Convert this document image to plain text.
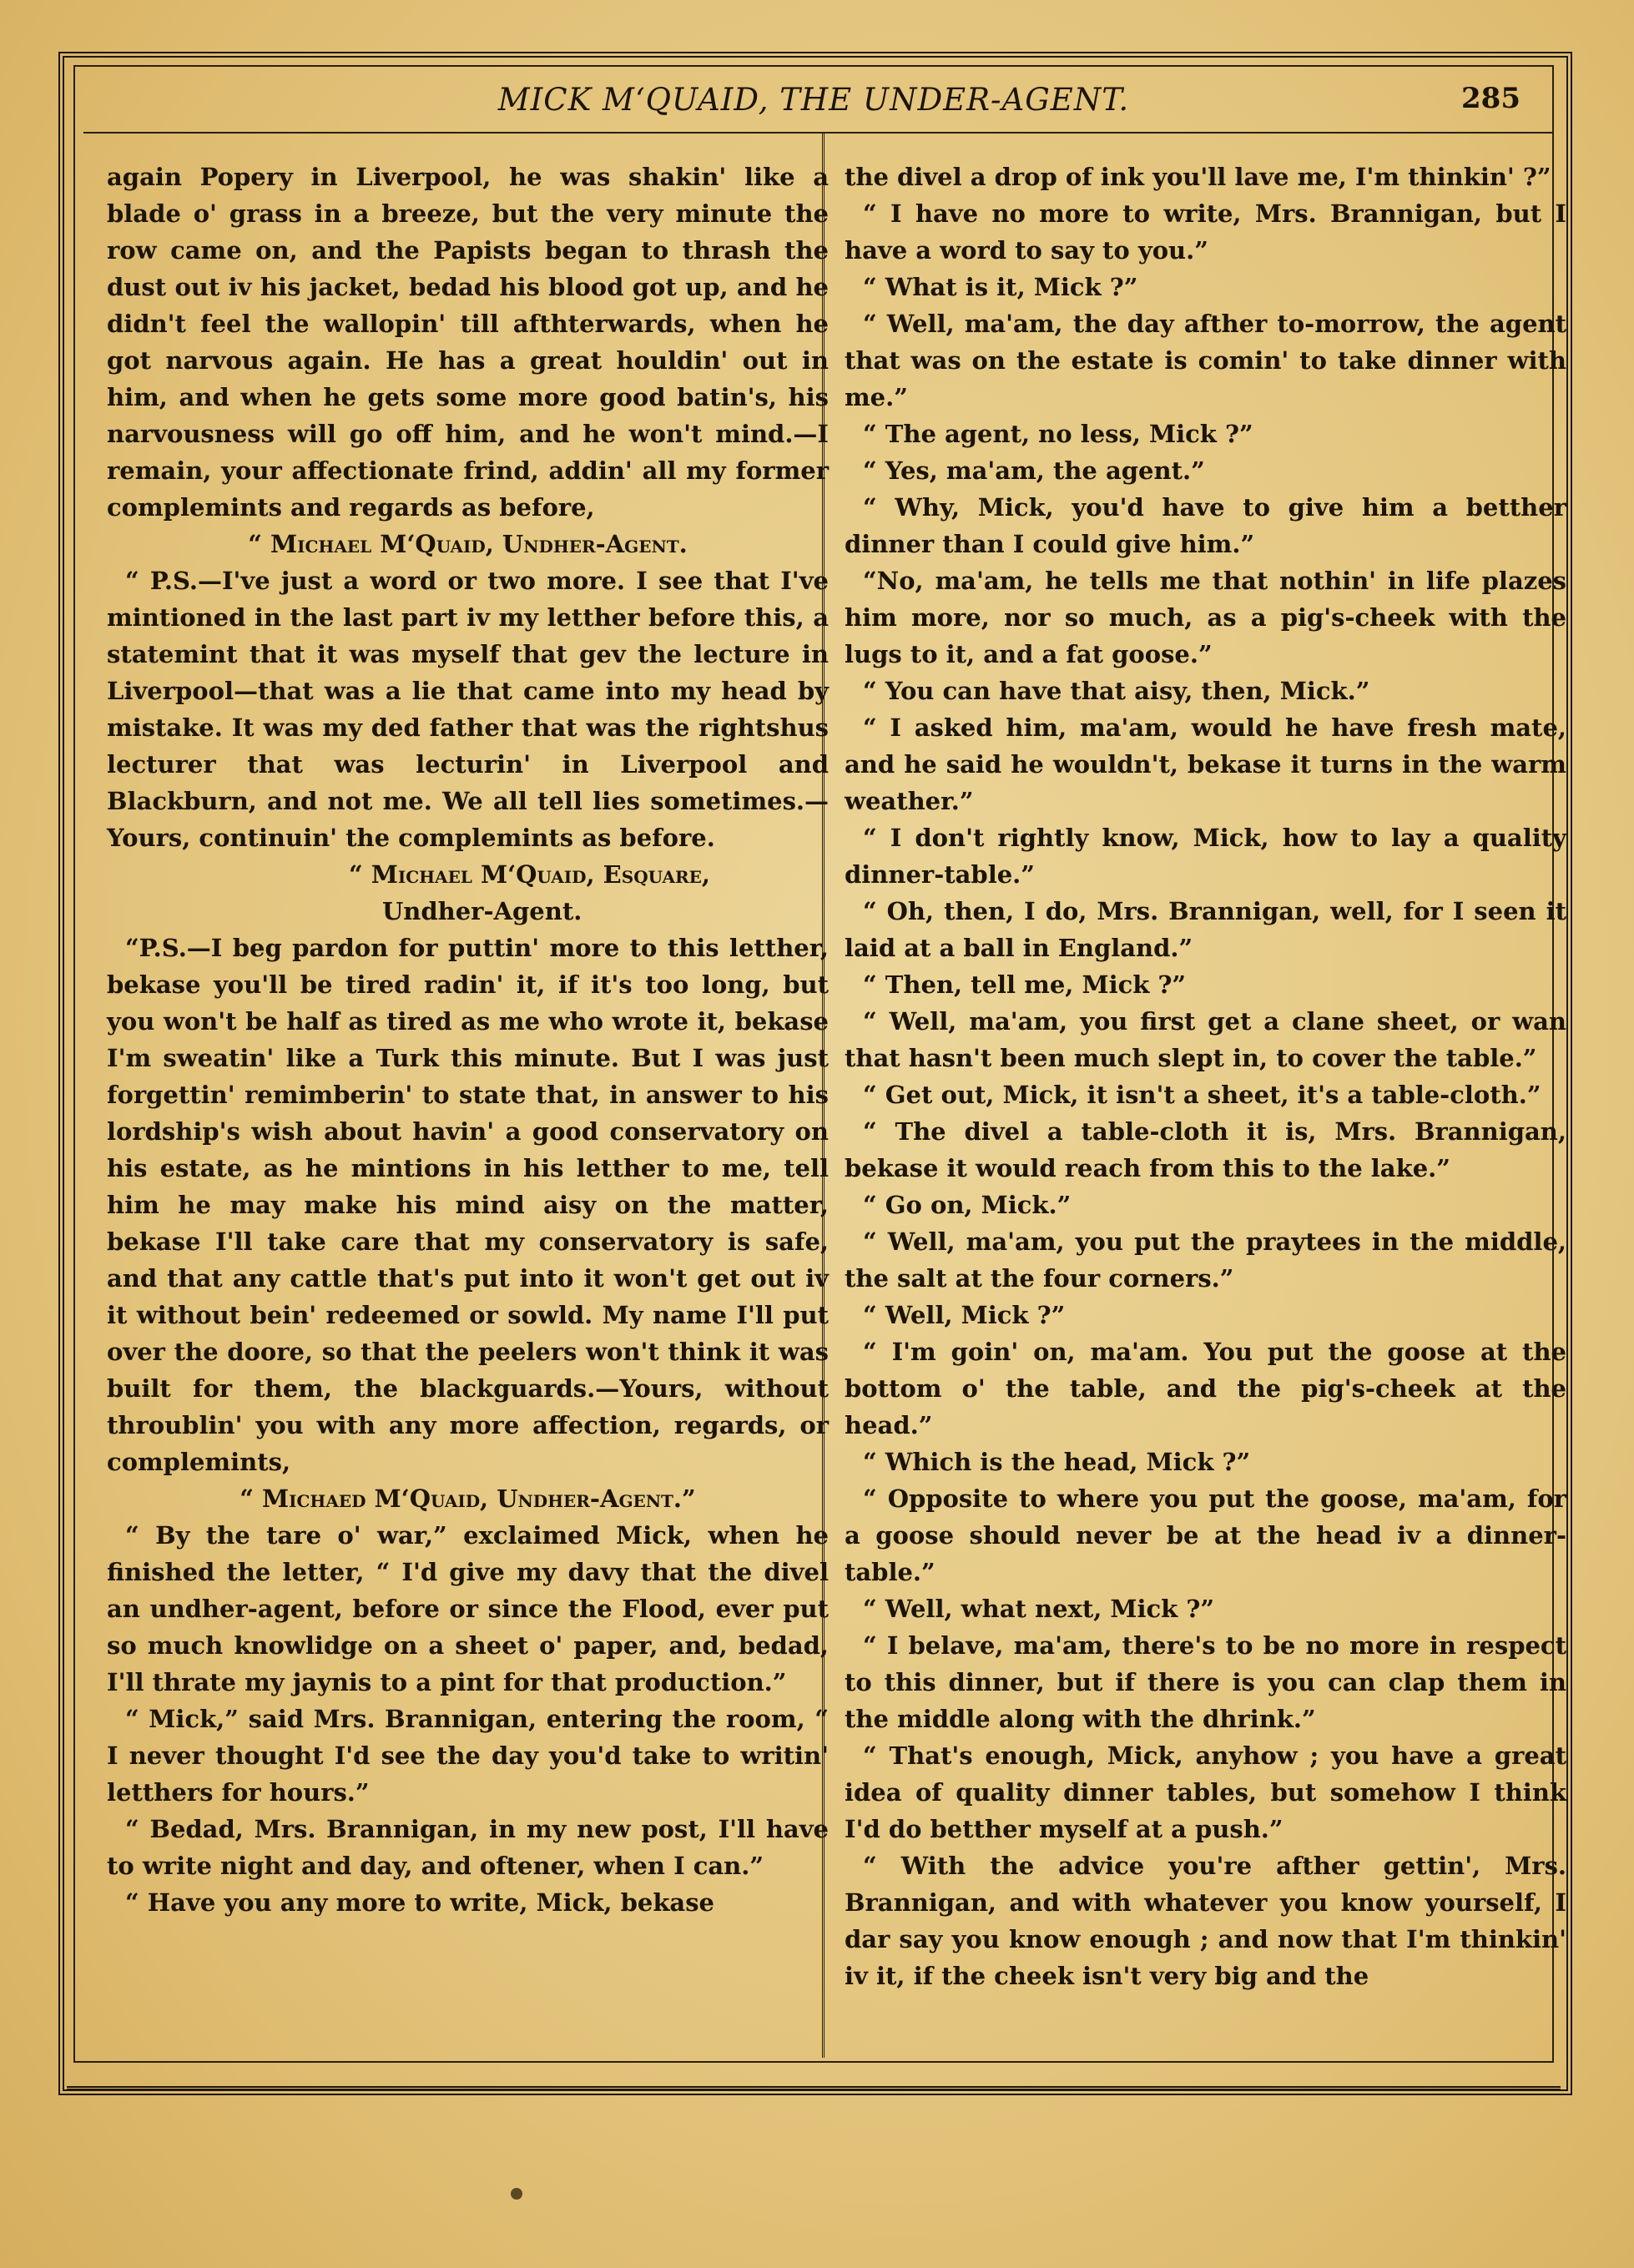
MICK M‘QUAID, THE UNDER-AGENT.	285

again Popery in Liverpool, he was shakin' like a blade o' grass in a breeze, but the very minute the row came on, and the Papists began to thrash the dust out iv his jacket, bedad his blood got up, and he didn't feel the wallopin' till afthterwards, when he got narvous again. He has a great houldin' out in him, and when he gets some more good batin's, his narvousness will go off him, and he won't mind.—I remain, your affectionate frind, addin' all my former complemints and regards as before,

“ Michael M‘Quaid, Undher-Agent.

“ P.S.—I've just a word or two more. I see that I've mintioned in the last part iv my letther before this, a statemint that it was myself that gev the lecture in Liverpool—that was a lie that came into my head by mistake. It was my ded father that was the rightshus lecturer that was lecturin' in Liverpool and Blackburn, and not me. We all tell lies sometimes.—Yours, continuin' the complemints as before.

“ Michael M‘Quaid, Esquare,

Undher-Agent.

“P.S.—I beg pardon for puttin' more to this letther, bekase you'll be tired radin' it, if it's too long, but you won't be half as tired as me who wrote it, bekase I'm sweatin' like a Turk this minute. But I was just forgettin' remimberin' to state that, in answer to his lordship's wish about havin' a good conservatory on his estate, as he mintions in his letther to me, tell him he may make his mind aisy on the matter, bekase I'll take care that my conservatory is safe, and that any cattle that's put into it won't get out iv it without bein' redeemed or sowld. My name I'll put over the doore, so that the peelers won't think it was built for them, the blackguards.—Yours, without throublin' you with any more affection, regards, or complemints,

“ Michaed M‘Quaid, Undher-Agent.”

“ By the tare o' war,” exclaimed Mick, when he finished the letter, “ I'd give my davy that the divel an undher-agent, before or since the Flood, ever put so much knowlidge on a sheet o' paper, and, bedad, I'll thrate my jaynis to a pint for that production.”

“ Mick,” said Mrs. Brannigan, entering the room, “ I never thought I'd see the day you'd take to writin' letthers for hours.”

“ Bedad, Mrs. Brannigan, in my new post, I'll have to write night and day, and oftener, when I can.”

“ Have you any more to write, Mick, bekase

the divel a drop of ink you'll lave me, I'm thinkin' ?”

“ I have no more to write, Mrs. Brannigan, but I have a word to say to you.”

“ What is it, Mick ?”

“ Well, ma'am, the day afther to-morrow, the agent that was on the estate is comin' to take dinner with me.”

“ The agent, no less, Mick ?”

“ Yes, ma'am, the agent.”

“ Why, Mick, you'd have to give him a betther dinner than I could give him.”

“No, ma'am, he tells me that nothin' in life plazes him more, nor so much, as a pig's-cheek with the lugs to it, and a fat goose.”

“ You can have that aisy, then, Mick.”

“ I asked him, ma'am, would he have fresh mate, and he said he wouldn't, bekase it turns in the warm weather.”

“ I don't rightly know, Mick, how to lay a quality dinner-table.”

“ Oh, then, I do, Mrs. Brannigan, well, for I seen it laid at a ball in England.”

“ Then, tell me, Mick ?”

“ Well, ma'am, you first get a clane sheet, or wan that hasn't been much slept in, to cover the table.”

“ Get out, Mick, it isn't a sheet, it's a table-cloth.”

“ The divel a table-cloth it is, Mrs. Brannigan, bekase it would reach from this to the lake.”

“ Go on, Mick.”

“ Well, ma'am, you put the praytees in the middle, the salt at the four corners.”

“ Well, Mick ?”

“ I'm goin' on, ma'am. You put the goose at the bottom o' the table, and the pig's-cheek at the head.”

“ Which is the head, Mick ?”

“ Opposite to where you put the goose, ma'am, for a goose should never be at the head iv a dinner-table.”

“ Well, what next, Mick ?”

“ I belave, ma'am, there's to be no more in respect to this dinner, but if there is you can clap them in the middle along with the dhrink.”

“ That's enough, Mick, anyhow ; you have a great idea of quality dinner tables, but somehow I think I'd do betther myself at a push.”

“ With the advice you're afther gettin', Mrs. Brannigan, and with whatever you know yourself, I dar say you know enough ; and now that I'm thinkin' iv it, if the cheek isn't very big and the
